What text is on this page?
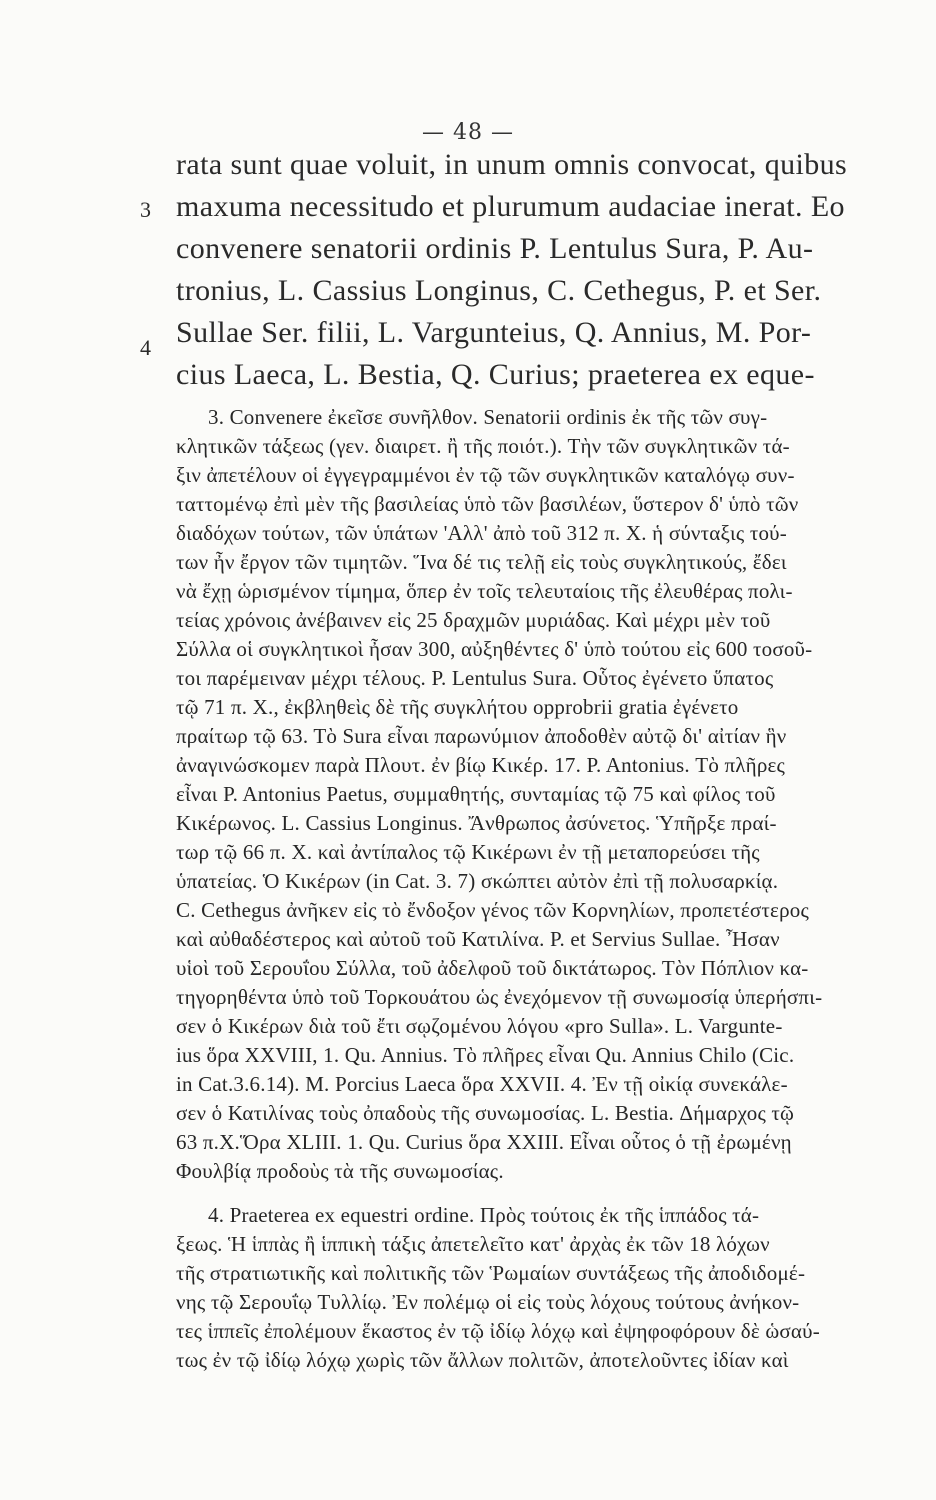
— 48 —
3
4
rata sunt quae voluit, in unum omnis convocat, quibus
maxuma necessitudo et plurumum audaciae inerat. Eo
convenere senatorii ordinis P. Lentulus Sura, P. Au-
tronius, L. Cassius Longinus, C. Cethegus, P. et Ser.
Sullae Ser. filii, L. Vargunteius, Q. Annius, M. Por-
cius Laeca, L. Bestia, Q. Curius; praeterea ex eque-
3. Convenere ἐκεῖσε συνῆλθον. Senatorii ordinis ἐκ τῆς τῶν συγ-
κλητικῶν τάξεως (γεν. διαιρετ. ἢ τῆς ποιότ.). Τὴν τῶν συγκλητικῶν τά-
ξιν ἀπετέλουν οἱ ἐγγεγραμμένοι ἐν τῷ τῶν συγκλητικῶν καταλόγῳ συν-
ταττομένῳ ἐπὶ μὲν τῆς βασιλείας ὑπὸ τῶν βασιλέων, ὕστερον δ' ὑπὸ τῶν
διαδόχων τούτων, τῶν ὑπάτων 'Αλλ' ἀπὸ τοῦ 312 π. Χ. ἡ σύνταξις τού-
των ἦν ἔργον τῶν τιμητῶν. Ἵνα δέ τις τελῇ εἰς τοὺς συγκλητικούς, ἔδει
νὰ ἔχῃ ὡρισμένον τίμημα, ὅπερ ἐν τοῖς τελευταίοις τῆς ἐλευθέρας πολι-
τείας χρόνοις ἀνέβαινεν εἰς 25 δραχμῶν μυριάδας. Καὶ μέχρι μὲν τοῦ
Σύλλα οἱ συγκλητικοὶ ἦσαν 300, αὐξηθέντες δ' ὑπὸ τούτου εἰς 600 τοσοῦ-
τοι παρέμειναν μέχρι τέλους. P. Lentulus Sura. Οὗτος ἐγένετο ὕπατος
τῷ 71 π. Χ., ἐκβληθεὶς δὲ τῆς συγκλήτου opprobrii gratia ἐγένετο
πραίτωρ τῷ 63. Τὸ Sura εἶναι παρωνύμιον ἀποδοθὲν αὐτῷ δι' αἰτίαν ἣν
ἀναγινώσκομεν παρὰ Πλουτ. ἐν βίῳ Κικέρ. 17. P. Antonius. Τὸ πλῆρες
εἶναι P. Antonius Paetus, συμμαθητής, συνταμίας τῷ 75 καὶ φίλος τοῦ
Κικέρωνος. L. Cassius Longinus. Ἄνθρωπος ἀσύνετος. Ὑπῆρξε πραί-
τωρ τῷ 66 π. Χ. καὶ ἀντίπαλος τῷ Κικέρωνι ἐν τῇ μεταπορεύσει τῆς
ὑπατείας. Ὁ Κικέρων (in Cat. 3. 7) σκώπτει αὐτὸν ἐπὶ τῇ πολυσαρκίᾳ.
C. Cethegus ἀνῆκεν εἰς τὸ ἔνδοξον γένος τῶν Κορνηλίων, προπετέστερος
καὶ αὐθαδέστερος καὶ αὐτοῦ τοῦ Κατιλίνα. P. et Servius Sullae. Ἦσαν
υἱοὶ τοῦ Σερουΐου Σύλλα, τοῦ ἀδελφοῦ τοῦ δικτάτωρος. Τὸν Πόπλιον κα-
τηγορηθέντα ὑπὸ τοῦ Τορκουάτου ὡς ἐνεχόμενον τῇ συνωμοσίᾳ ὑπερήσπι-
σεν ὁ Κικέρων διὰ τοῦ ἔτι σῳζομένου λόγου «pro Sulla». L. Varguntе-
ius ὅρα XXVIII, 1. Qu. Annius. Τὸ πλῆρες εἶναι Qu. Annius Chilo (Cic.
in Cat.3.6.14). M. Porcius Laeca ὅρα XXVII. 4. Ἐν τῇ οἰκίᾳ συνεκάλε-
σεν ὁ Κατιλίνας τοὺς ὀπαδοὺς τῆς συνωμοσίας. L. Bestia. Δήμαρχος τῷ
63 π.Χ.Ὅρα XLIII. 1. Qu. Curius ὅρα XXIII. Εἶναι οὗτος ὁ τῇ ἐρωμένῃ
Φουλβίᾳ προδοὺς τὰ τῆς συνωμοσίας.
4. Praeterea ex equestri ordine. Πρὸς τούτοις ἐκ τῆς ἱππάδος τά-
ξεως. Ἡ ἱππὰς ἢ ἱππικὴ τάξις ἀπετελεῖτο κατ' ἀρχὰς ἐκ τῶν 18 λόχων
τῆς στρατιωτικῆς καὶ πολιτικῆς τῶν Ῥωμαίων συντάξεως τῆς ἀποδιδομέ-
νης τῷ Σερουΐῳ Τυλλίῳ. Ἐν πολέμῳ οἱ εἰς τοὺς λόχους τούτους ἀνήκον-
τες ἱππεῖς ἐπολέμουν ἕκαστος ἐν τῷ ἰδίῳ λόχῳ καὶ ἐψηφοφόρουν δὲ ὡσαύ-
τως ἐν τῷ ἰδίῳ λόχῳ χωρὶς τῶν ἄλλων πολιτῶν, ἀποτελοῦντες ἰδίαν καὶ
